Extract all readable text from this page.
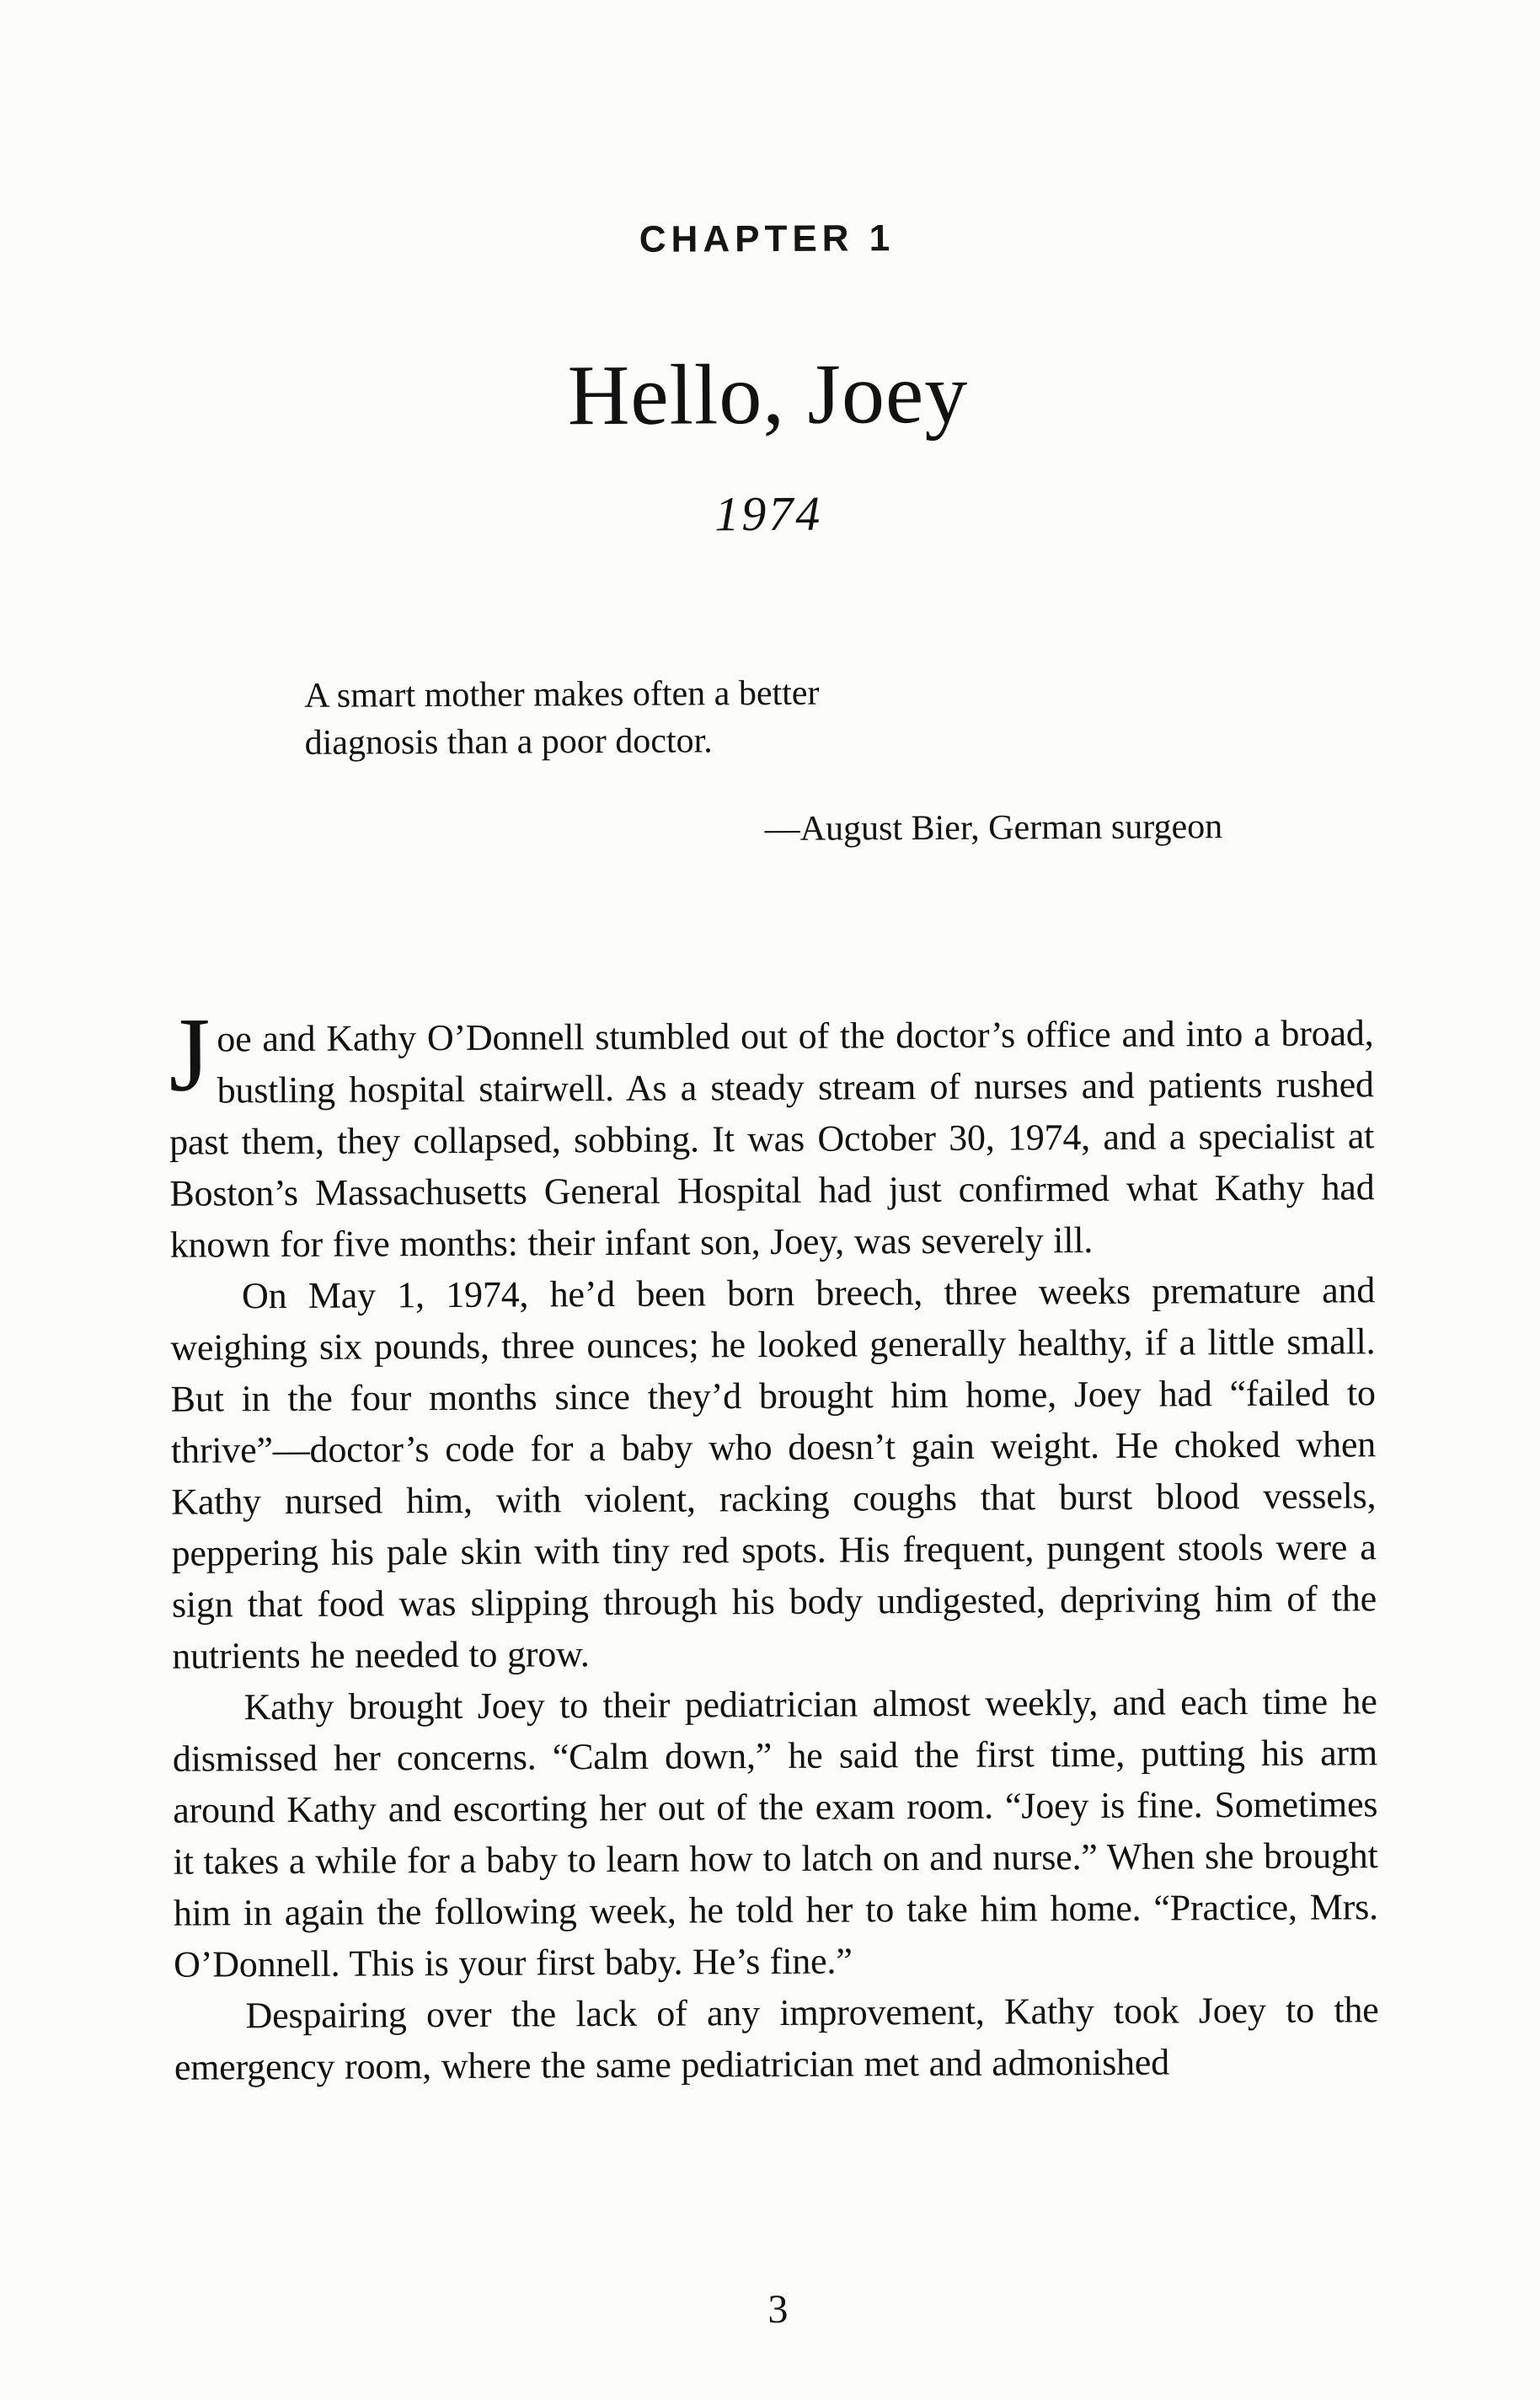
CHAPTER 1
Hello, Joey
1974
A smart mother makes often a better diagnosis than a poor doctor.
—August Bier, German surgeon

Joe and Kathy O’Donnell stumbled out of the doctor’s office and into a broad, bustling hospital stairwell. As a steady stream of nurses and patients rushed past them, they collapsed, sobbing. It was October 30, 1974, and a specialist at Boston’s Massachusetts General Hospital had just confirmed what Kathy had known for five months: their infant son, Joey, was severely ill.

On May 1, 1974, he’d been born breech, three weeks premature and weighing six pounds, three ounces; he looked generally healthy, if a little small. But in the four months since they’d brought him home, Joey had “failed to thrive”—doctor’s code for a baby who doesn’t gain weight. He choked when Kathy nursed him, with violent, racking coughs that burst blood vessels, peppering his pale skin with tiny red spots. His frequent, pungent stools were a sign that food was slipping through his body undigested, depriving him of the nutrients he needed to grow.

Kathy brought Joey to their pediatrician almost weekly, and each time he dismissed her concerns. “Calm down,” he said the first time, putting his arm around Kathy and escorting her out of the exam room. “Joey is fine. Sometimes it takes a while for a baby to learn how to latch on and nurse.” When she brought him in again the following week, he told her to take him home. “Practice, Mrs. O’Donnell. This is your first baby. He’s fine.”

Despairing over the lack of any improvement, Kathy took Joey to the emergency room, where the same pediatrician met and admonished

3
